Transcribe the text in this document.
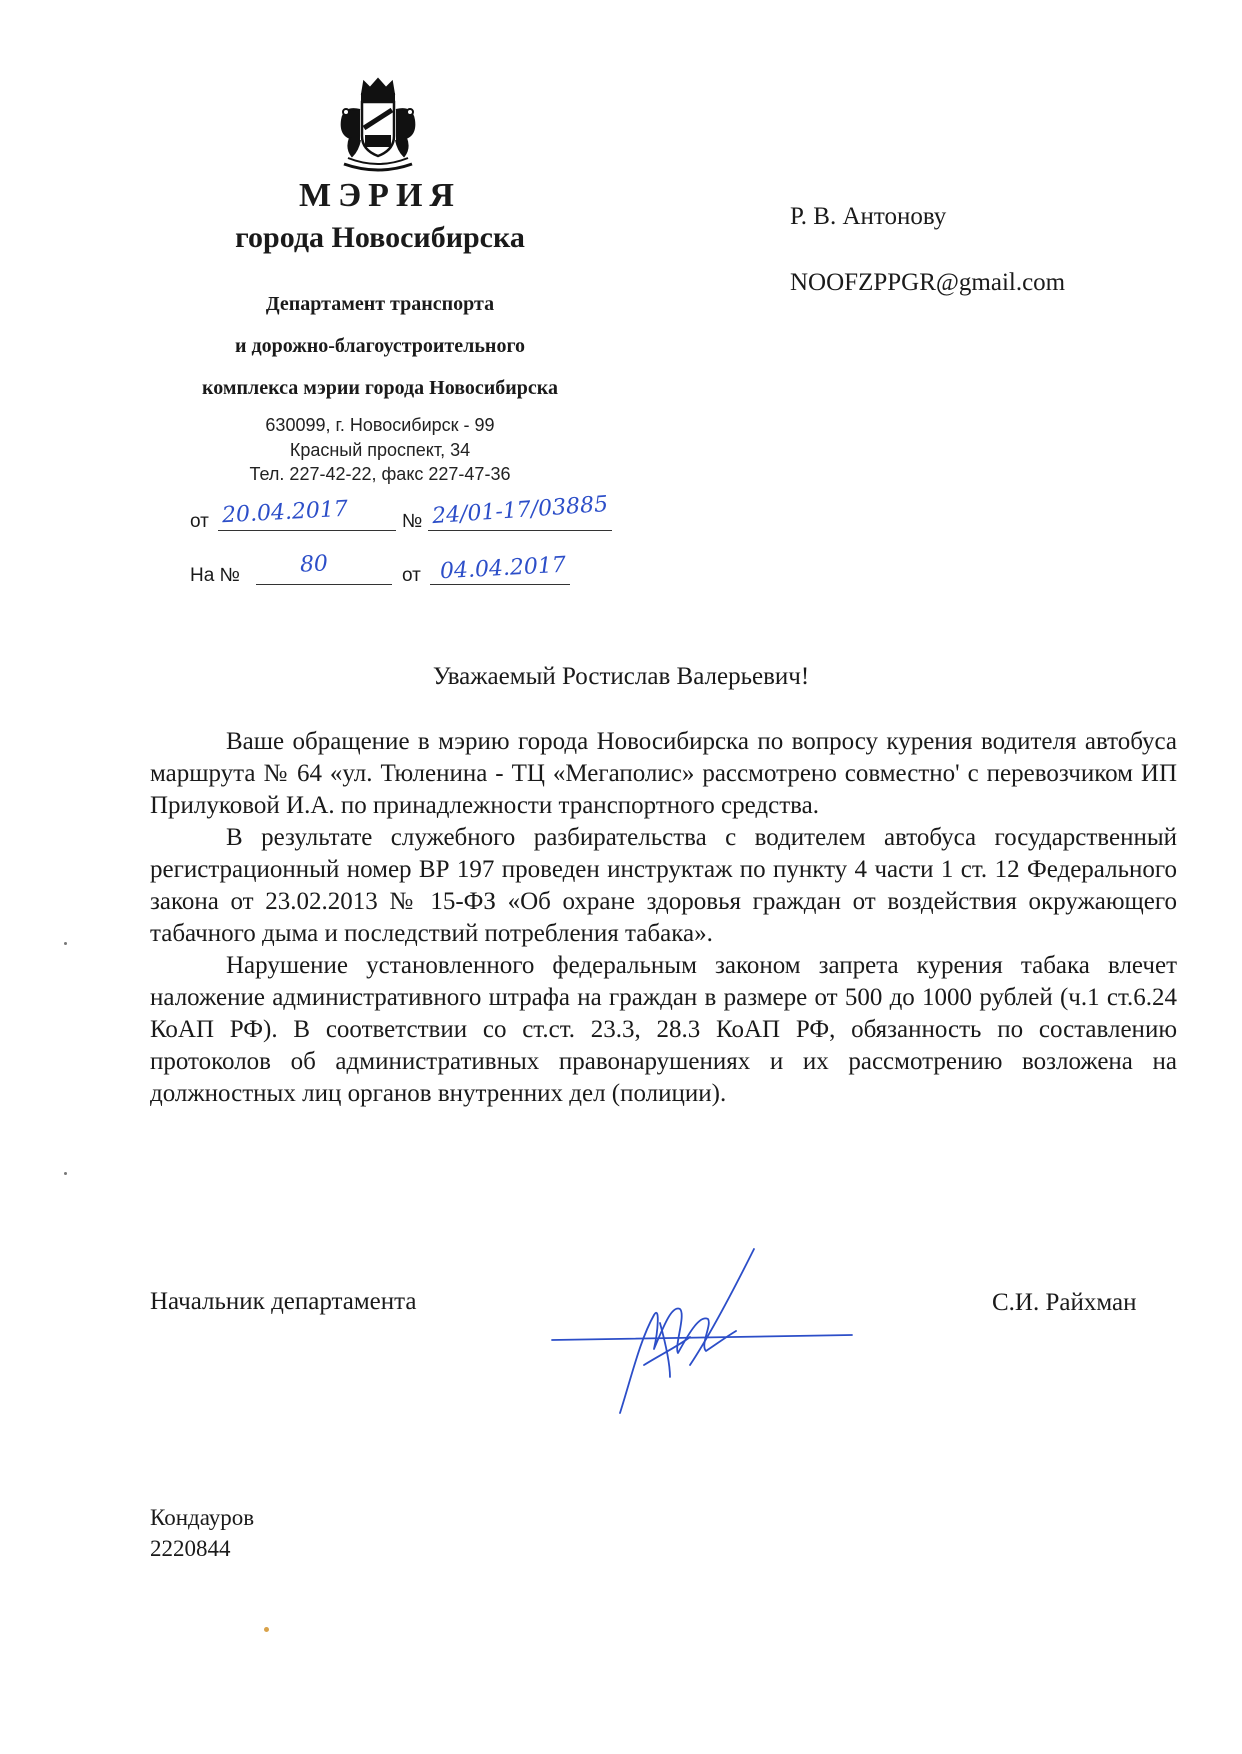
МЭРИЯ
города Новосибирска
Департамент транспорта
и дорожно-благоустроительного
комплекса мэрии города Новосибирска
630099, г. Новосибирск - 99
Красный проспект, 34
Тел. 227-42-22, факс 227-47-36
от 20.04.2017	№ 24/01-17/03885
На №	80	от 04.04.2017
Р. В. Антонову
NOOFZPPGR@gmail.com
Уважаемый Ростислав Валерьевич!

Ваше обращение в мэрию города Новосибирска по вопросу курения водителя автобуса маршрута № 64 «ул. Тюленина - ТЦ «Мегаполис» рассмотрено совместно' с перевозчиком ИП Прилуковой И.А. по принадлежности транспортного средства.

В результате служебного разбирательства с водителем автобуса государственный регистрационный номер ВР 197 проведен инструктаж по пункту 4 части 1 ст. 12 Федерального закона от 23.02.2013 № 15-ФЗ «Об охране здоровья граждан от воздействия окружающего табачного дыма и последствий потребления табака».

Нарушение установленного федеральным законом запрета курения табака влечет наложение административного штрафа на граждан в размере от 500 до 1000 рублей (ч.1 ст.6.24 КоАП РФ). В соответствии со ст.ст. 23.3, 28.3 КоАП РФ, обязанность по составлению протоколов об административных правонарушениях и их рассмотрению возложена на должностных лиц органов внутренних дел (полиции).

Начальник департамента	С.И. Райхман
Кондауров
2220844
